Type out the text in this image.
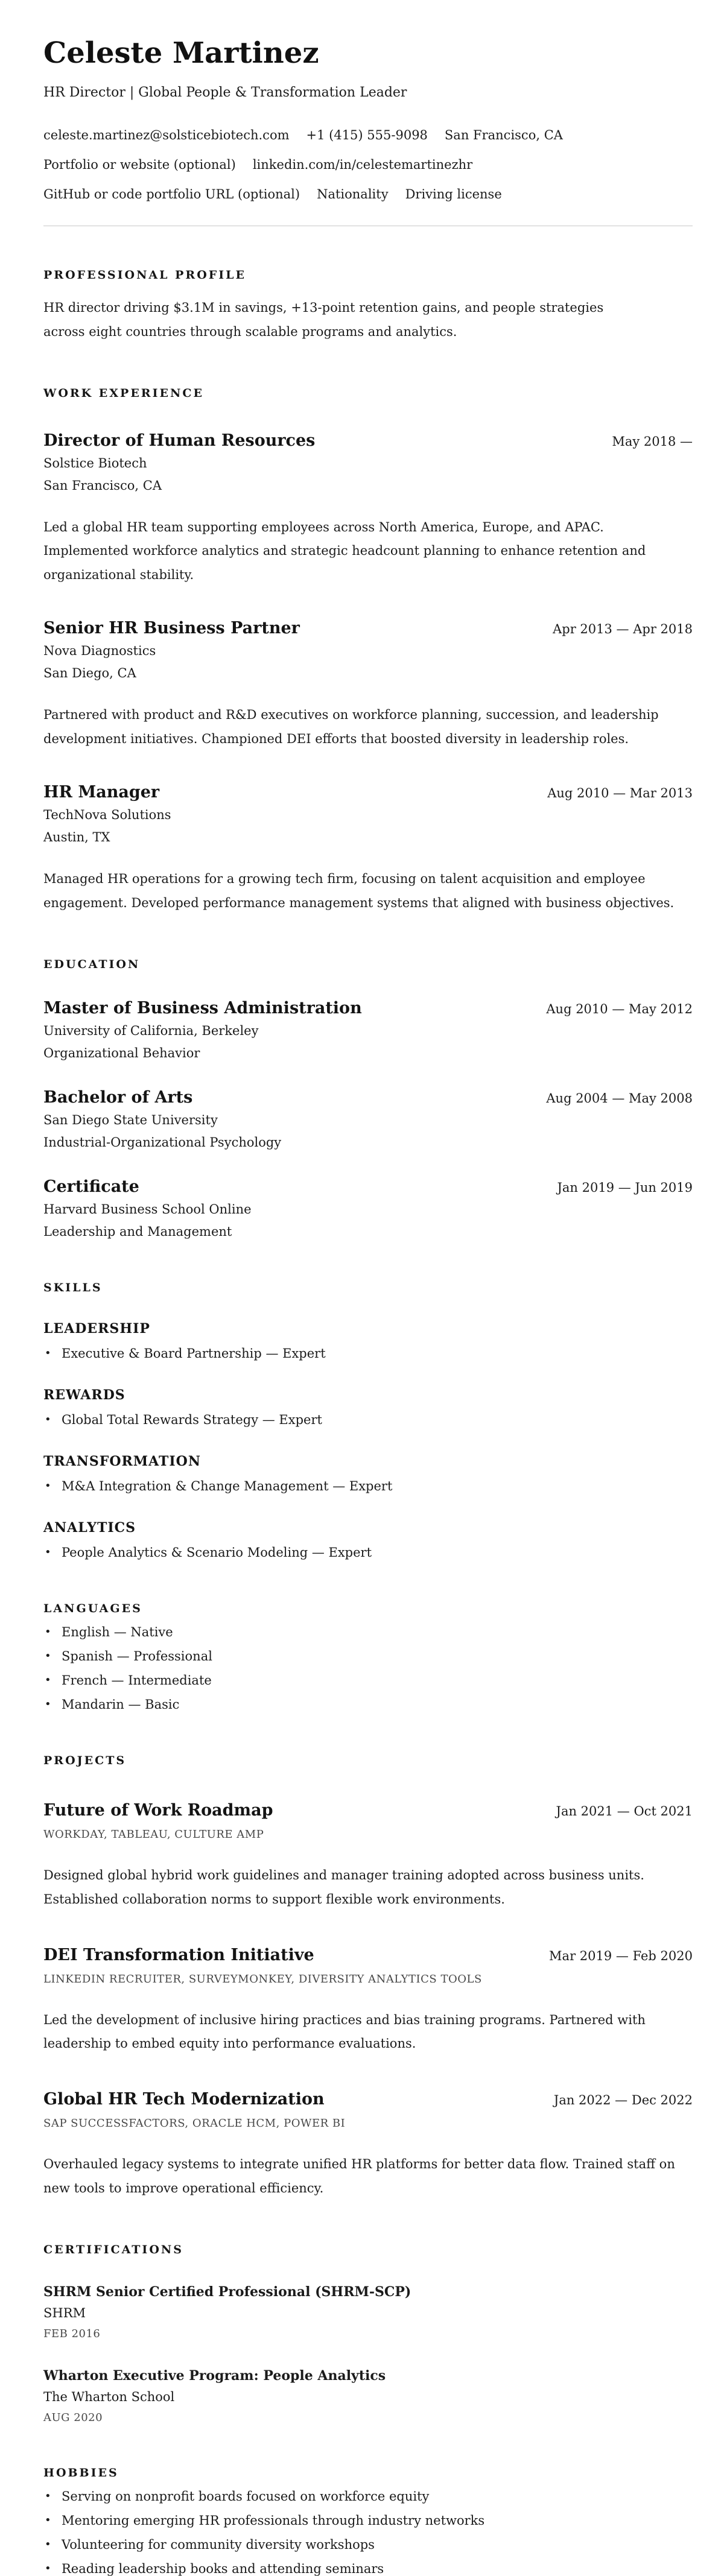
Celeste Martinez

HR Director | Global People & Transformation Leader

celeste.martinez@solsticebiotech.com +1 (415) 555-9098 San Francisco, CA
Portfolio or website (optional) linkedin.com/in/celestemartinezhr
GitHub or code portfolio URL (optional) Nationality Driving license
PROFESSIONAL PROFILE

HR director driving $3.1M in savings, +13-point retention gains, and people strategies across eight countries through scalable programs and analytics.

WORK EXPERIENCE
Director of Human Resources	May 2018 —

Solstice Biotech

San Francisco, CA

Led a global HR team supporting employees across North America, Europe, and APAC. Implemented workforce analytics and strategic headcount planning to enhance retention and organizational stability.

Senior HR Business Partner	Apr 2013 — Apr 2018

Nova Diagnostics

San Diego, CA

Partnered with product and R&D executives on workforce planning, succession, and leadership development initiatives. Championed DEI efforts that boosted diversity in leadership roles.

HR Manager	Aug 2010 — Mar 2013

TechNova Solutions

Austin, TX

Managed HR operations for a growing tech firm, focusing on talent acquisition and employee engagement. Developed performance management systems that aligned with business objectives.

EDUCATION
Master of Business Administration	Aug 2010 — May 2012

University of California, Berkeley

Organizational Behavior

Bachelor of Arts	Aug 2004 — May 2008

San Diego State University

Industrial-Organizational Psychology

Certificate	Jan 2019 — Jun 2019

Harvard Business School Online

Leadership and Management

SKILLS
LEADERSHIP
• Executive & Board Partnership — Expert
REWARDS
• Global Total Rewards Strategy — Expert
TRANSFORMATION
• M&A Integration & Change Management — Expert
ANALYTICS
• People Analytics & Scenario Modeling — Expert
LANGUAGES
• English — Native
• Spanish — Professional
• French — Intermediate
• Mandarin — Basic
PROJECTS
Future of Work Roadmap	Jan 2021 — Oct 2021

WORKDAY, TABLEAU, CULTURE AMP

Designed global hybrid work guidelines and manager training adopted across business units. Established collaboration norms to support flexible work environments.

DEI Transformation Initiative	Mar 2019 — Feb 2020

LINKEDIN RECRUITER, SURVEYMONKEY, DIVERSITY ANALYTICS TOOLS

Led the development of inclusive hiring practices and bias training programs. Partnered with leadership to embed equity into performance evaluations.

Global HR Tech Modernization	Jan 2022 — Dec 2022

SAP SUCCESSFACTORS, ORACLE HCM, POWER BI

Overhauled legacy systems to integrate unified HR platforms for better data flow. Trained staff on new tools to improve operational efficiency.

CERTIFICATIONS
SHRM Senior Certified Professional (SHRM-SCP)

SHRM

FEB 2016

Wharton Executive Program: People Analytics

The Wharton School

AUG 2020

HOBBIES
• Serving on nonprofit boards focused on workforce equity
• Mentoring emerging HR professionals through industry networks
• Volunteering for community diversity workshops
• Reading leadership books and attending seminars
